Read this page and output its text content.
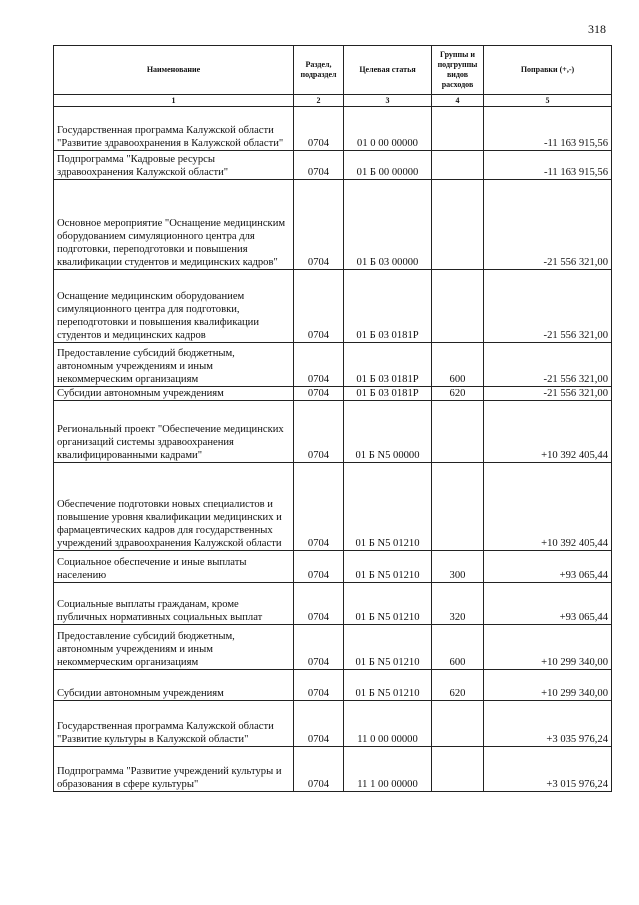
318
Наименование	Раздел, подраздел	Целевая статья	Группы и подгруппы видов расходов	Поправки (+,-)
1	2	3	4	5
Государственная программа Калужской области "Развитие здравоохранения в Калужской области"	0704	01 0 00 00000		-11 163 915,56
Подпрограмма "Кадровые ресурсы здравоохранения Калужской области"	0704	01 Б 00 00000		-11 163 915,56
Основное мероприятие "Оснащение медицинским оборудованием симуляционного центра для подготовки, переподготовки и повышения квалификации студентов и медицинских кадров"	0704	01 Б 03 00000		-21 556 321,00
Оснащение медицинским оборудованием симуляционного центра для подготовки, переподготовки и повышения квалификации студентов и медицинских кадров	0704	01 Б 03 0181Р		-21 556 321,00
Предоставление субсидий бюджетным, автономным учреждениям и иным некоммерческим организациям	0704	01 Б 03 0181Р	600	-21 556 321,00
Субсидии автономным учреждениям	0704	01 Б 03 0181Р	620	-21 556 321,00
Региональный проект "Обеспечение медицинских организаций системы здравоохранения квалифицированными кадрами"	0704	01 Б N5 00000		+10 392 405,44
Обеспечение подготовки новых специалистов и повышение уровня квалификации медицинских и фармацевтических кадров для государственных учреждений здравоохранения Калужской области	0704	01 Б N5 01210		+10 392 405,44
Социальное обеспечение и иные выплаты населению	0704	01 Б N5 01210	300	+93 065,44
Социальные выплаты гражданам, кроме публичных нормативных социальных выплат	0704	01 Б N5 01210	320	+93 065,44
Предоставление субсидий бюджетным, автономным учреждениям и иным некоммерческим организациям	0704	01 Б N5 01210	600	+10 299 340,00
Субсидии автономным учреждениям	0704	01 Б N5 01210	620	+10 299 340,00
Государственная программа Калужской области "Развитие культуры в Калужской области"	0704	11 0 00 00000		+3 035 976,24
Подпрограмма "Развитие учреждений культуры и образования в сфере культуры"	0704	11 1 00 00000		+3 015 976,24
